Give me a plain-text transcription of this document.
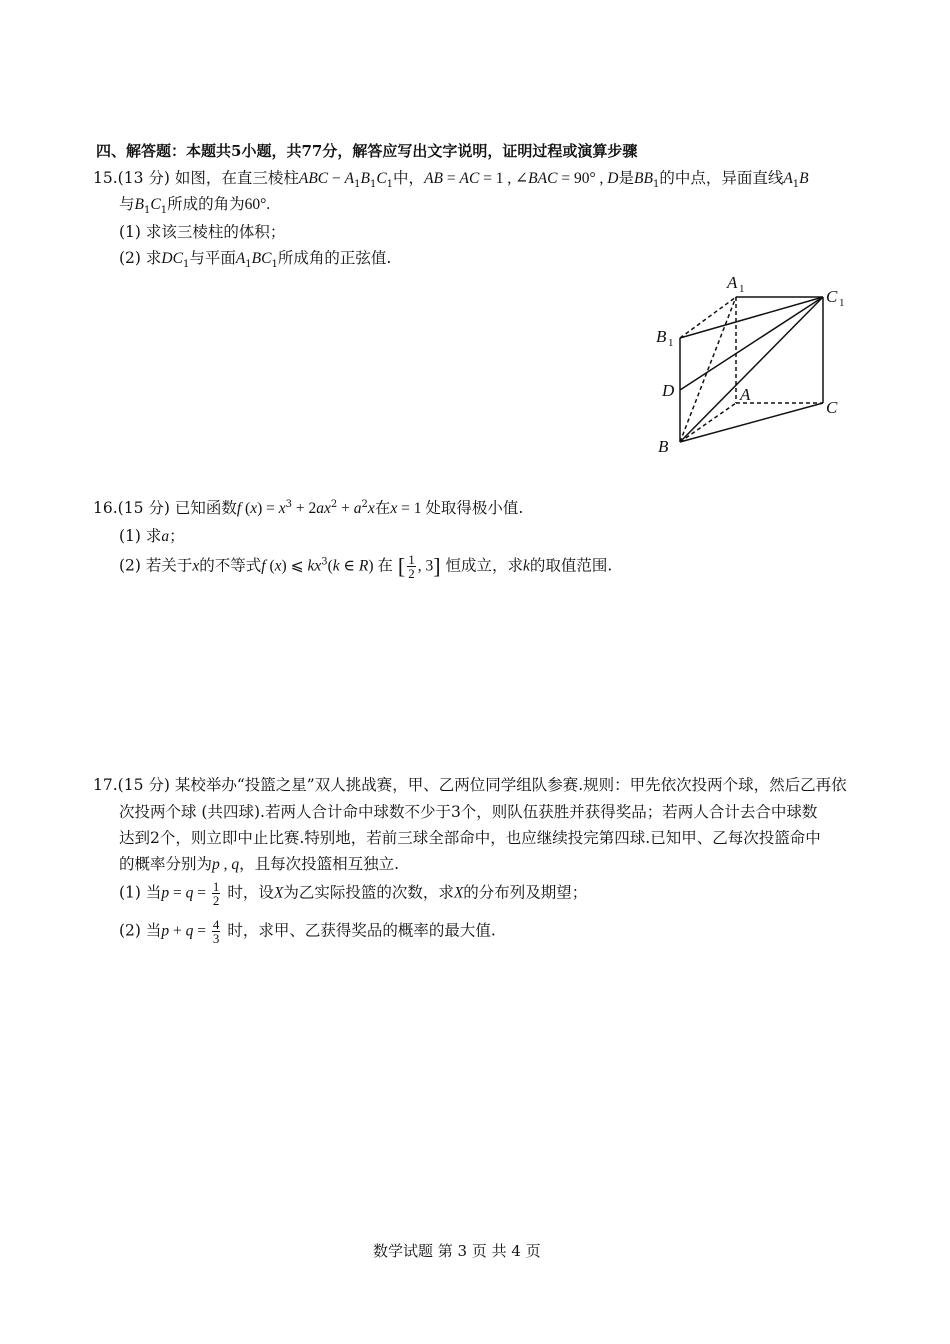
四、解答题：本题共5小题，共77分，解答应写出文字说明，证明过程或演算步骤
15.(13 分) 如图，在直三棱柱ABC − $A_1B_1C_1$中，AB = AC = 1 , ∠BAC = 90° , D是$BB_1$的中点，异面直线$A_1B$
与$B_1C_1$所成的角为60°.
(1) 求该三棱柱的体积；
(2) 求$DC_1$与平面$A_1BC_1$所成角的正弦值.
A 1	C 1
B 1
D	A
C
B
16.(15 分) 已知函数f $(x) = x^3 + 2ax^2 + a^2x$在x = 1 处取得极小值.
(1) 求a；
(2) 若关于x的不等式f (x) ⩽ $kx^3(k$ ∈ R) 在 [ $\frac{1}{2}$ , 3] 恒成立，求k的取值范围.
17.(15 分) 某校举办“投篮之星”双人挑战赛，甲、乙两位同学组队参赛.规则：甲先依次投两个球，然后乙再依
次投两个球 (共四球).若两人合计命中球数不少于3个，则队伍获胜并获得奖品；若两人合计去合中球数
达到2个，则立即中止比赛.特别地，若前三球全部命中，也应继续投完第四球.已知甲、乙每次投篮命中
的概率分别为p , q，且每次投篮相互独立.
(1) 当$p = q = \frac{1}{2}$ 时，设X为乙实际投篮的次数，求X的分布列及期望；
(2) 当$p + q = \frac{4}{3}$ 时，求甲、乙获得奖品的概率的最大值.
数学试题 第 3 页 共 4 页
